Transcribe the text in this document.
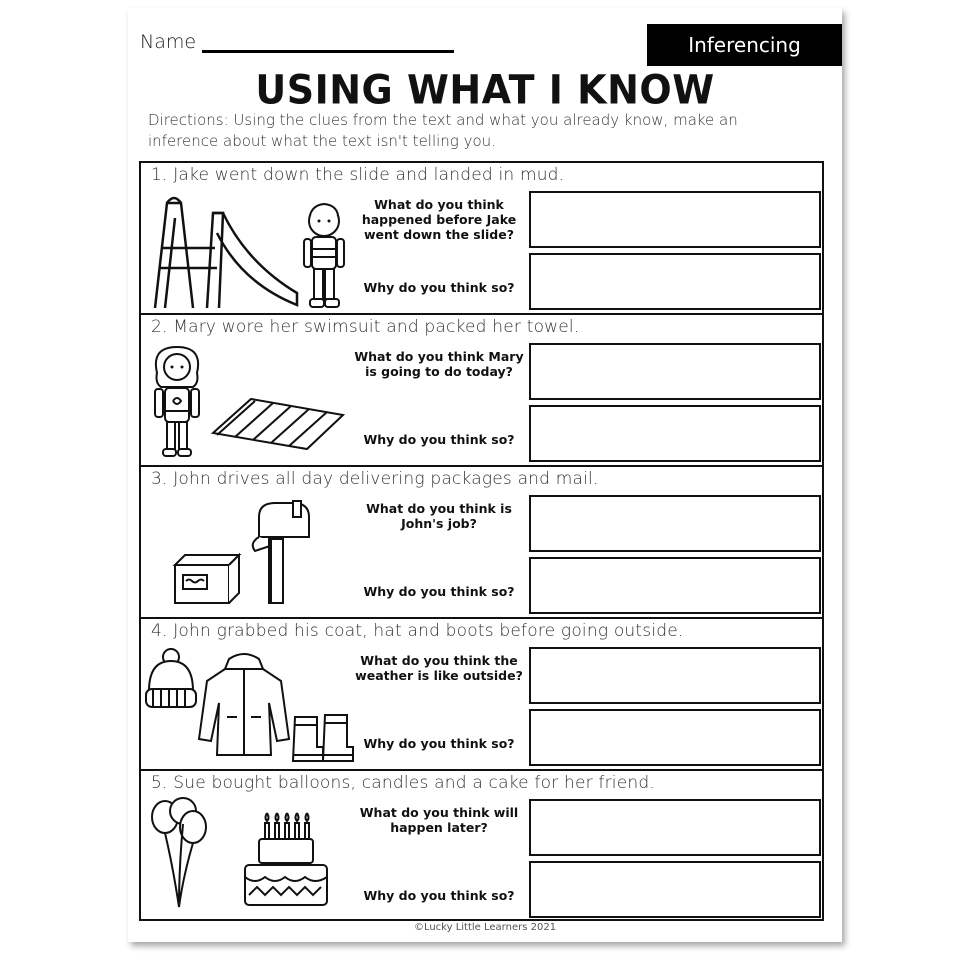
Name	Inferencing
USING WHAT I KNOW
Directions: Using the clues from the text and what you already know, make an inference about what the text isn't telling you.
1. Jake went down the slide and landed in mud.
What do you think happened before Jake went down the slide?
Why do you think so?
2. Mary wore her swimsuit and packed her towel.
What do you think Mary is going to do today?
Why do you think so?
3. John drives all day delivering packages and mail.
What do you think is John's job?
Why do you think so?
4. John grabbed his coat, hat and boots before going outside.
What do you think the weather is like outside?
Why do you think so?
5. Sue bought balloons, candles and a cake for her friend.
What do you think will happen later?
Why do you think so?
©Lucky Little Learners 2021
